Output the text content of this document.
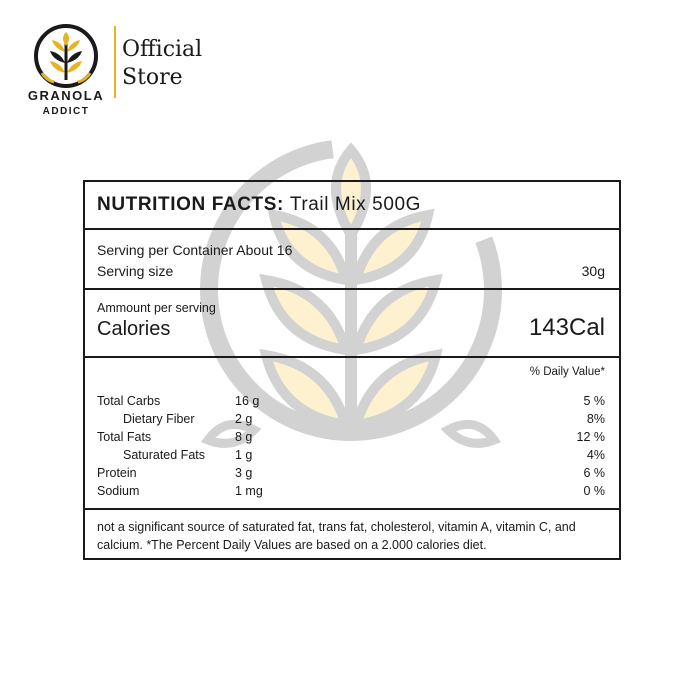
GRANOLA
ADDICT
Official
Store
NUTRITION FACTS: Trail Mix 500G
Serving per Container About 16
Serving size	30g
Ammount per serving
Calories	143Cal
% Daily Value*
Total Carbs	16 g	5 %
Dietary Fiber	2 g	8%
Total Fats	8 g	12 %
Saturated Fats 1 g	4%
Protein	3 g	6 %
Sodium	1 mg	0 %
not a significant source of saturated fat, trans fat, cholesterol, vitamin A, vitamin C, and calcium. *The Percent Daily Values are based on a 2.000 calories diet.
